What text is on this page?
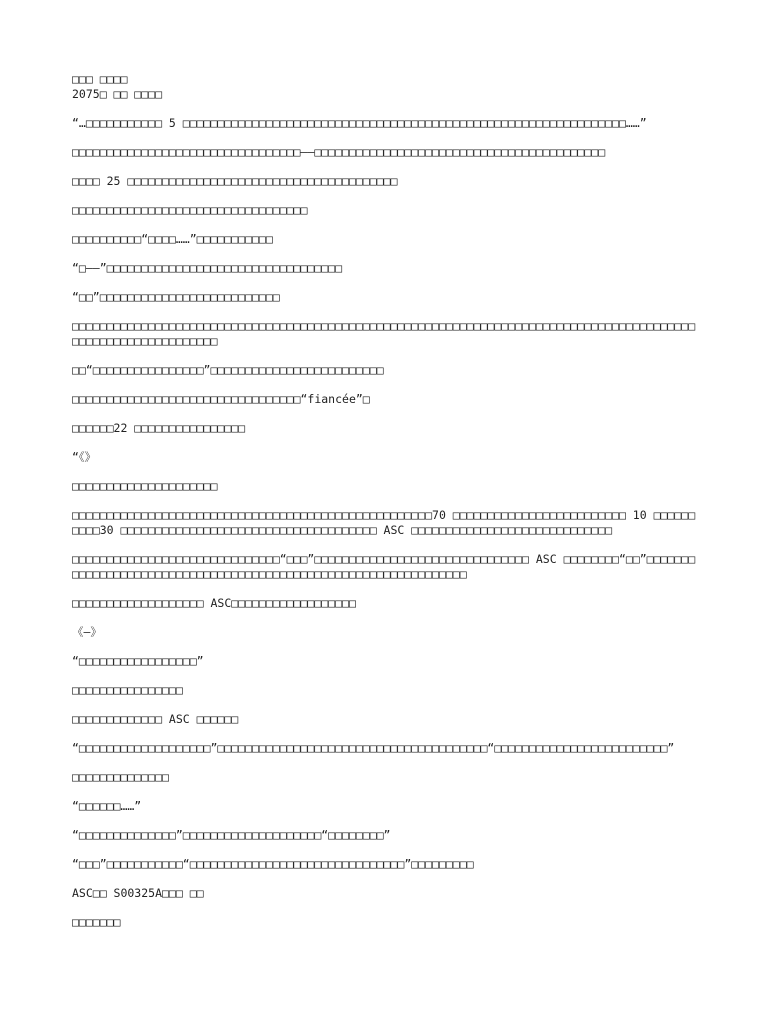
□□□ □□□□

2075□ □□ □□□□

“…□□□□□□□□□□□ 5 □□□□□□□□□□□□□□□□□□□□□□□□□□□□□□□□□□□□□□□□□□□□□□□□□□□□□□□□□□□□□□□□……”

□□□□□□□□□□□□□□□□□□□□□□□□□□□□□□□□□——□□□□□□□□□□□□□□□□□□□□□□□□□□□□□□□□□□□□□□□□□□

□□□□ 25 □□□□□□□□□□□□□□□□□□□□□□□□□□□□□□□□□□□□□□□

□□□□□□□□□□□□□□□□□□□□□□□□□□□□□□□□□□

□□□□□□□□□□“□□□□……”□□□□□□□□□□□

“□——”□□□□□□□□□□□□□□□□□□□□□□□□□□□□□□□□□□

“□□”□□□□□□□□□□□□□□□□□□□□□□□□□□

□□□□□□□□□□□□□□□□□□□□□□□□□□□□□□□□□□□□□□□□□□□□□□□□□□□□□□□□□□□□□□□□□□□□□□□□□□□□□□□□□□□□□□□□□□□□□□□□□□□□□□□□□□□□□□□

□□“□□□□□□□□□□□□□□□□”□□□□□□□□□□□□□□□□□□□□□□□□□

□□□□□□□□□□□□□□□□□□□□□□□□□□□□□□□□□“fiancée”□

□□□□□□22 □□□□□□□□□□□□□□□□

“《》

□□□□□□□□□□□□□□□□□□□□□

□□□□□□□□□□□□□□□□□□□□□□□□□□□□□□□□□□□□□□□□□□□□□□□□□□□□70 □□□□□□□□□□□□□□□□□□□□□□□□□ 10 □□□□□□□□□□30 □□□□□□□□□□□□□□□□□□□□□□□□□□□□□□□□□□□□□ ASC □□□□□□□□□□□□□□□□□□□□□□□□□□□□□

□□□□□□□□□□□□□□□□□□□□□□□□□□□□□□“□□□”□□□□□□□□□□□□□□□□□□□□□□□□□□□□□□□ ASC □□□□□□□□“□□”□□□□□□□□□□□□□□□□□□□□□□□□□□□□□□□□□□□□□□□□□□□□□□□□□□□□□□□□□□□□□□□□

□□□□□□□□□□□□□□□□□□□ ASC□□□□□□□□□□□□□□□□□□

《—》

“□□□□□□□□□□□□□□□□□”

□□□□□□□□□□□□□□□□

□□□□□□□□□□□□□ ASC □□□□□□

“□□□□□□□□□□□□□□□□□□□”□□□□□□□□□□□□□□□□□□□□□□□□□□□□□□□□□□□□□□□“□□□□□□□□□□□□□□□□□□□□□□□□□”

□□□□□□□□□□□□□□

“□□□□□□……”

“□□□□□□□□□□□□□□”□□□□□□□□□□□□□□□□□□□□“□□□□□□□□”

“□□□”□□□□□□□□□□□“□□□□□□□□□□□□□□□□□□□□□□□□□□□□□□□”□□□□□□□□□

ASC□□ S00325A□□□ □□

□□□□□□□
